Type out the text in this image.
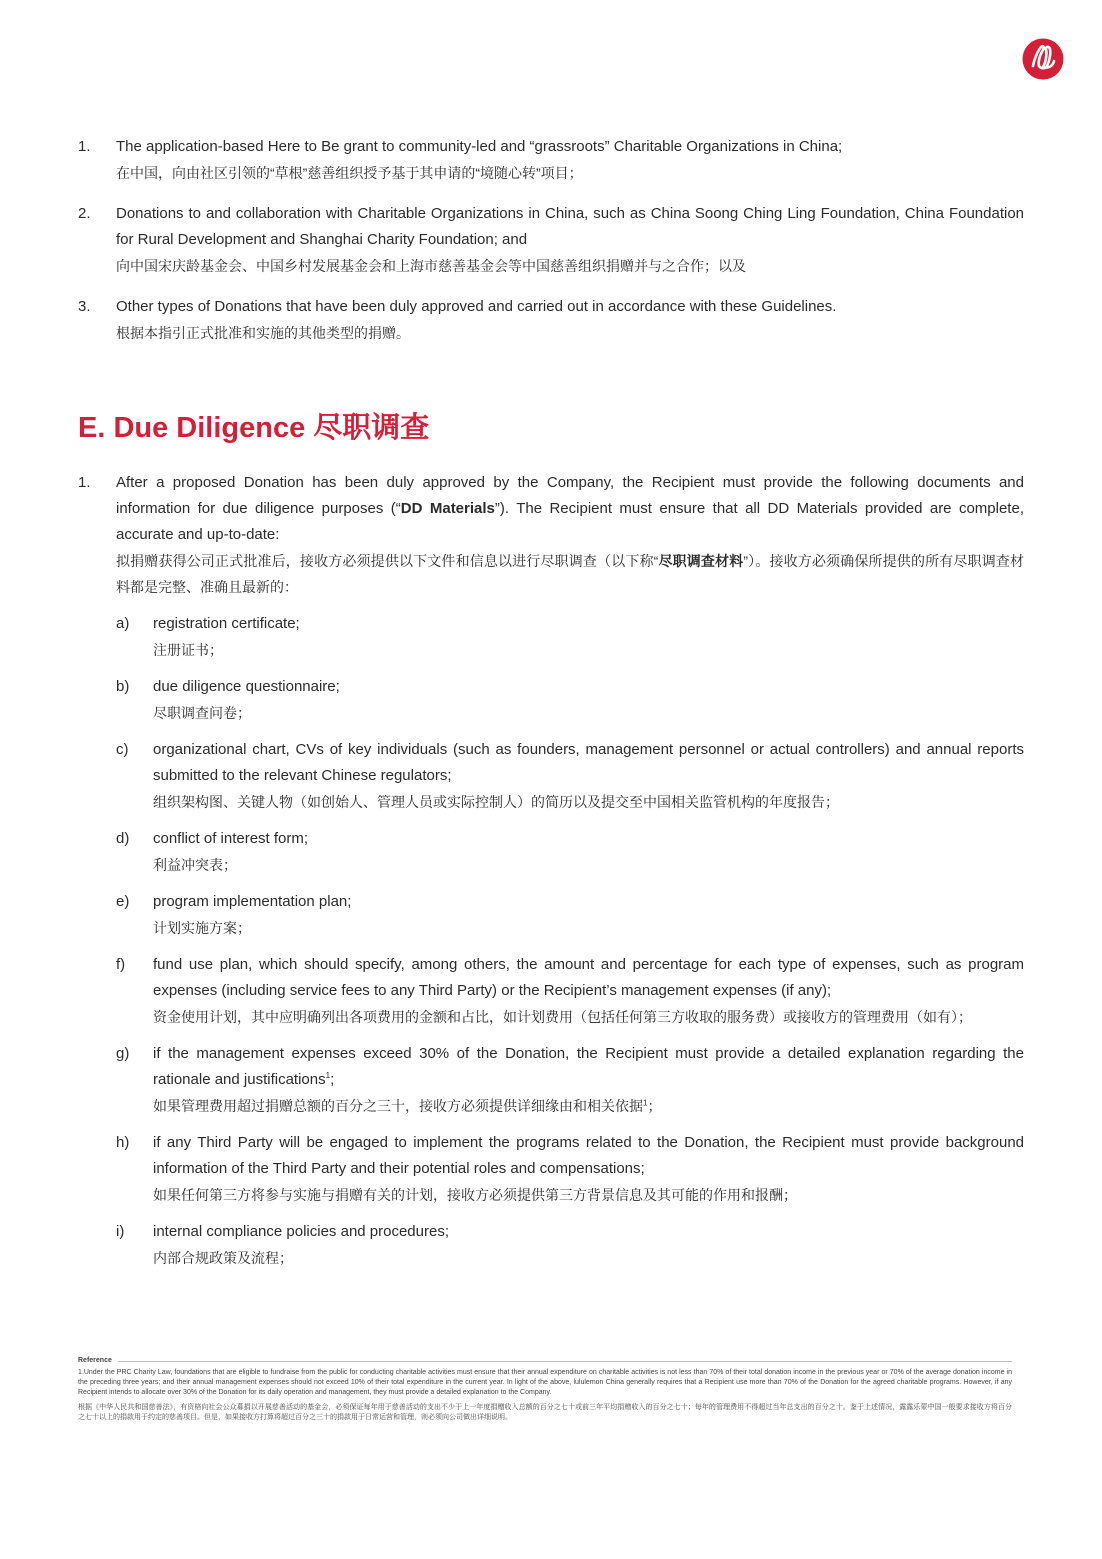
1. The application-based Here to Be grant to community-led and “grassroots” Charitable Organizations in China;
在中国，向由社区引领的“草根”慈善组织授予基于其申请的“境随心转”项目；
2. Donations to and collaboration with Charitable Organizations in China, such as China Soong Ching Ling Foundation, China Foundation for Rural Development and Shanghai Charity Foundation; and
向中国宋庆龄基金会、中国乡村发展基金会和上海市慈善基金会等中国慈善组织捐赠并与之合作；以及
3. Other types of Donations that have been duly approved and carried out in accordance with these Guidelines.
根据本指引正式批准和实施的其他类型的捐赠。
E. Due Diligence 尽职调查
1. After a proposed Donation has been duly approved by the Company, the Recipient must provide the following documents and information for due diligence purposes (“DD Materials”). The Recipient must ensure that all DD Materials provided are complete, accurate and up-to-date:
拟捐赠获得公司正式批准后，接收方必须提供以下文件和信息以进行尽职调查（以下称“尽职调查材料”）。接收方必须确保所提供的所有尽职调查材料都是完整、准确且最新的：
a) registration certificate;
注册证书；
b) due diligence questionnaire;
尽职调查问卷；
c) organizational chart, CVs of key individuals (such as founders, management personnel or actual controllers) and annual reports submitted to the relevant Chinese regulators;
组织架构图、关键人物（如创始人、管理人员或实际控制人）的简历以及提交至中国相关监管机构的年度报告；
d) conflict of interest form;
利益冲突表；
e) program implementation plan;
计划实施方案；
f) fund use plan, which should specify, among others, the amount and percentage for each type of expenses, such as program expenses (including service fees to any Third Party) or the Recipient’s management expenses (if any);
资金使用计划，其中应明确列出各项费用的金额和占比，如计划费用（包括任何第三方收取的服务费）或接收方的管理费用（如有）；
g) if the management expenses exceed 30% of the Donation, the Recipient must provide a detailed explanation regarding the rationale and justifications$^1$;
如果管理费用超过捐赠总额的百分之三十，接收方必须提供详细缘由和相关依据$^1$；
h) if any Third Party will be engaged to implement the programs related to the Donation, the Recipient must provide background information of the Third Party and their potential roles and compensations;
如果任何第三方将参与实施与捐赠有关的计划，接收方必须提供第三方背景信息及其可能的作用和报酬；
i) internal compliance policies and procedures;
内部合规政策及流程；
Reference

1.Under the PRC Charity Law, foundations that are eligible to fundraise from the public for conducting charitable activities must ensure that their annual expenditure on charitable activities is not less than 70% of their total donation income in the previous year or 70% of the average donation income in the preceding three years; and their annual management expenses should not exceed 10% of their total expenditure in the current year. In light of the above, lululemon China generally requires that a Recipient use more than 70% of the Donation for the agreed charitable programs. However, if any Recipient intends to allocate over 30% of the Donation for its daily operation and management, they must provide a detailed explanation to the Company.

根据《中华人民共和国慈善法》，有资格向社会公众募捐以开展慈善活动的基金会，必须保证每年用于慈善活动的支出不少于上一年度捐赠收入总额的百分之七十或前三年平均捐赠收入的百分之七十；每年的管理费用不得超过当年总支出的百分之十。鉴于上述情况，露露乐蒙中国一般要求接收方将百分之七十以上的捐款用于约定的慈善项目。但是，如果接收方打算将超过百分之三十的捐款用于日常运营和管理，则必须向公司做出详细说明。
